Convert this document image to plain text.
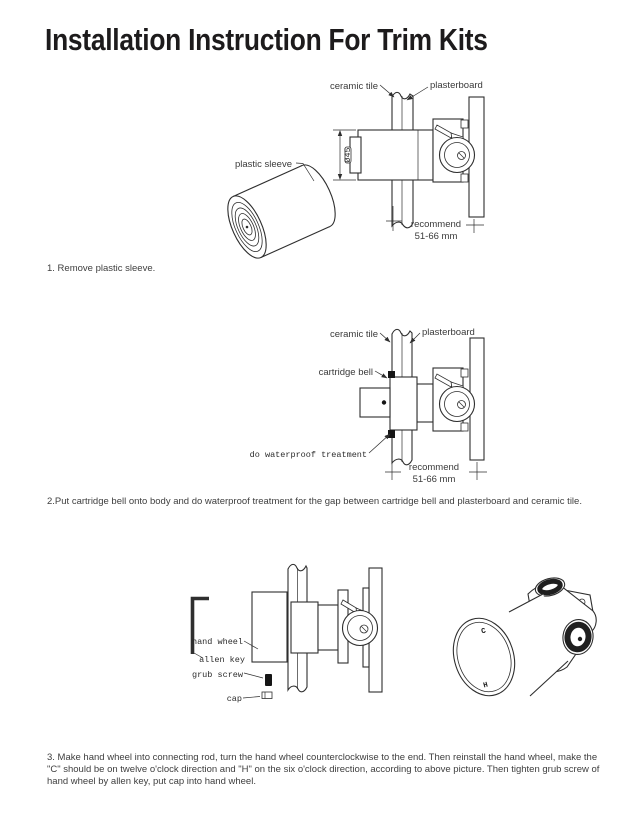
Installation Instruction For Trim Kits
Ø45
recommend
51-66 mm
plastic sleeve
ceramic tile	plasterboard
1. Remove plastic sleeve.
recommend
51-66 mm
ceramic tile	plasterboard
cartridge bell
do waterproof treatment
2.Put cartridge bell onto body and do waterproof treatment for the gap between cartridge bell and plasterboard and ceramic tile.
hand wheel
allen key
grub screw
cap
C
H
3. Make hand wheel into connecting rod, turn the hand wheel counterclockwise to the end. Then reinstall the hand wheel, make the "C" should be on twelve o'clock direction and "H" on the six o'clock direction, according to above picture. Then tighten grub screw of hand wheel by allen key, put cap into hand wheel.
